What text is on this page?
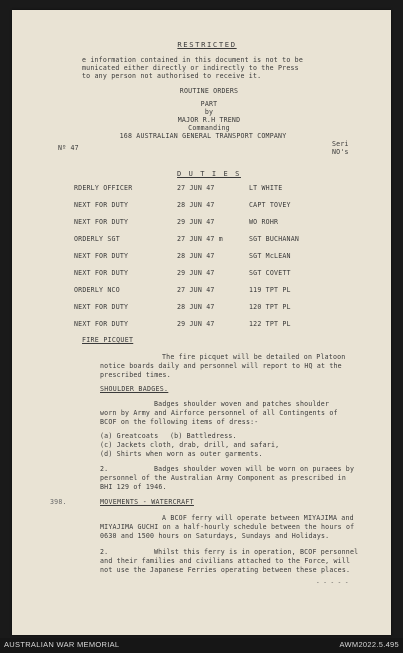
RESTRICTED
e information contained in this document is not to be
municated either directly or indirectly to the Press
to any person not authorised to receive it.
ROUTINE ORDERS
PART
by
MAJOR R.H TREND
Commanding
168 AUSTRALIAN GENERAL TRANSPORT COMPANY
Nº 47	Seri
NO's
D U T I E S
RDERLY OFFICER	27 JUN 47	LT WHITE
NEXT FOR DUTY	28 JUN 47	CAPT TOVEY
NEXT FOR DUTY	29 JUN 47	WO ROHR
ORDERLY SGT	27 JUN 47 m	SGT BUCHANAN
NEXT FOR DUTY	28 JUN 47	SGT McLEAN
NEXT FOR DUTY	29 JUN 47	SGT COVETT
ORDERLY NCO	27 JUN 47	119 TPT PL
NEXT FOR DUTY	28 JUN 47	120 TPT PL
NEXT FOR DUTY	29 JUN 47	122 TPT PL
FIRE PICQUET
The fire picquet will be detailed on Platoon
notice boards daily and personnel will report to HQ at the
prescribed times.
SHOULDER BADGES.
Badges shoulder woven and patches shoulder
worn by Army and Airforce personnel of all Contingents of
BCOF on the following items of dress:-
(a) Greatcoats (b) Battledress.
(c) Jackets cloth, drab, drill, and safari,
(d) Shirts when worn as outer garments.
2.	Badges shoulder woven will be worn on puraees by
personnel of the Australian Army Component as prescribed in
BHI 129 of 1946.
398.	MOVEMENTS - WATERCRAFT
A BCOF ferry will operate between MIYAJIMA and
MIYAJIMA GUCHI on a half-hourly schedule between the hours of
0630 and 1500 hours on Saturdays, Sundays and Holidays.
2.	Whilst this ferry is in operation, BCOF personnel
and their families and civilians attached to the Force, will
not use the Japanese Ferries operating between these places.
- - - - -
AUSTRALIAN WAR MEMORIAL	AWM2022.5.495
